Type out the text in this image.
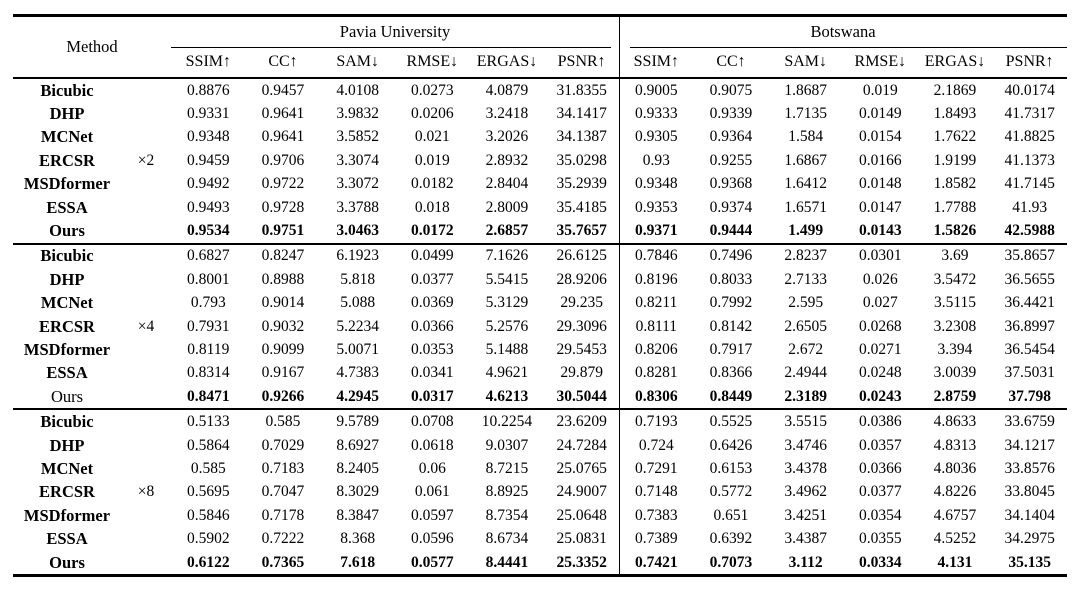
Pavia University	Botswana
Method
SSIM↑	CC↑	SAM↓	RMSE↓	ERGAS↓	PSNR↑	SSIM↑	CC↑	SAM↓	RMSE↓	ERGAS↓	PSNR↑
Bicubic	0.8876	0.9457	4.0108	0.0273	4.0879	31.8355	0.9005	0.9075	1.8687	0.019	2.1869	40.0174
DHP	0.9331	0.9641	3.9832	0.0206	3.2418	34.1417	0.9333	0.9339	1.7135	0.0149	1.8493	41.7317
MCNet	0.9348	0.9641	3.5852	0.021	3.2026	34.1387	0.9305	0.9364	1.584	0.0154	1.7622	41.8825
ERCSR	×2	0.9459	0.9706	3.3074	0.019	2.8932	35.0298	0.93	0.9255	1.6867	0.0166	1.9199	41.1373
MSDformer	0.9492	0.9722	3.3072	0.0182	2.8404	35.2939	0.9348	0.9368	1.6412	0.0148	1.8582	41.7145
ESSA	0.9493	0.9728	3.3788	0.018	2.8009	35.4185	0.9353	0.9374	1.6571	0.0147	1.7788	41.93
Ours	0.9534	0.9751	3.0463	0.0172	2.6857	35.7657	0.9371	0.9444	1.499	0.0143	1.5826	42.5988
Bicubic	0.6827	0.8247	6.1923	0.0499	7.1626	26.6125	0.7846	0.7496	2.8237	0.0301	3.69	35.8657
DHP	0.8001	0.8988	5.818	0.0377	5.5415	28.9206	0.8196	0.8033	2.7133	0.026	3.5472	36.5655
MCNet	0.793	0.9014	5.088	0.0369	5.3129	29.235	0.8211	0.7992	2.595	0.027	3.5115	36.4421
ERCSR	×4	0.7931	0.9032	5.2234	0.0366	5.2576	29.3096	0.8111	0.8142	2.6505	0.0268	3.2308	36.8997
MSDformer	0.8119	0.9099	5.0071	0.0353	5.1488	29.5453	0.8206	0.7917	2.672	0.0271	3.394	36.5454
ESSA	0.8314	0.9167	4.7383	0.0341	4.9621	29.879	0.8281	0.8366	2.4944	0.0248	3.0039	37.5031
Ours	0.8471	0.9266	4.2945	0.0317	4.6213	30.5044	0.8306	0.8449	2.3189	0.0243	2.8759	37.798
Bicubic	0.5133	0.585	9.5789	0.0708	10.2254	23.6209	0.7193	0.5525	3.5515	0.0386	4.8633	33.6759
DHP	0.5864	0.7029	8.6927	0.0618	9.0307	24.7284	0.724	0.6426	3.4746	0.0357	4.8313	34.1217
MCNet	0.585	0.7183	8.2405	0.06	8.7215	25.0765	0.7291	0.6153	3.4378	0.0366	4.8036	33.8576
ERCSR	×8	0.5695	0.7047	8.3029	0.061	8.8925	24.9007	0.7148	0.5772	3.4962	0.0377	4.8226	33.8045
MSDformer	0.5846	0.7178	8.3847	0.0597	8.7354	25.0648	0.7383	0.651	3.4251	0.0354	4.6757	34.1404
ESSA	0.5902	0.7222	8.368	0.0596	8.6734	25.0831	0.7389	0.6392	3.4387	0.0355	4.5252	34.2975
Ours	0.6122	0.7365	7.618	0.0577	8.4441	25.3352	0.7421	0.7073	3.112	0.0334	4.131	35.135
